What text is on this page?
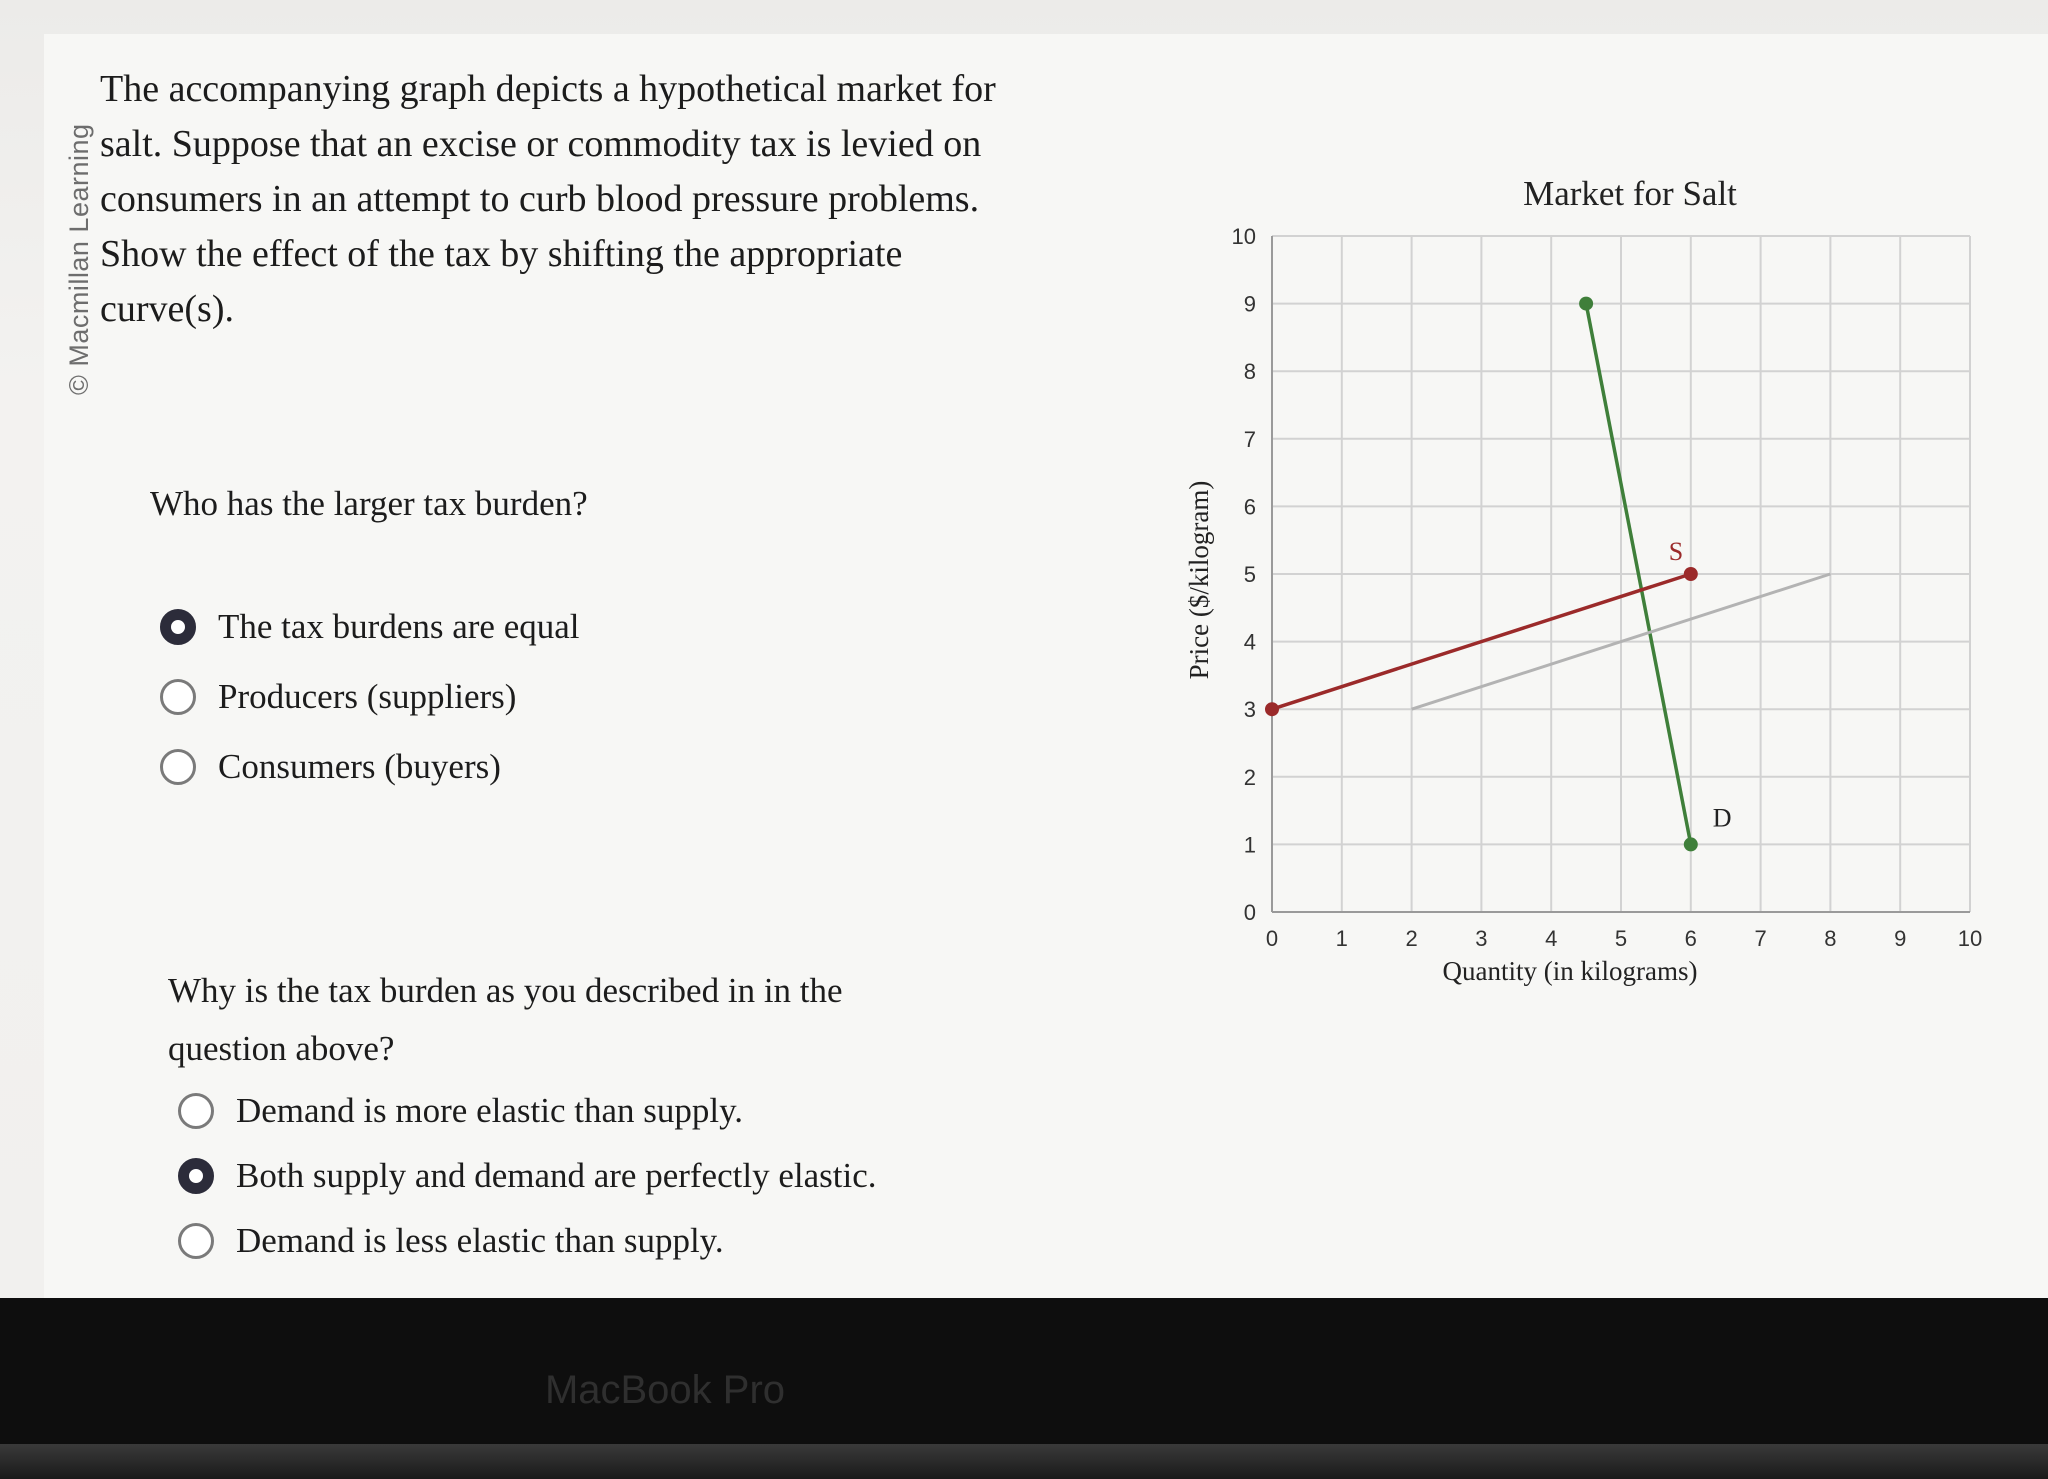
© Macmillan Learning

The accompanying graph depicts a hypothetical market for salt. Suppose that an excise or commodity tax is levied on consumers in an attempt to curb blood pressure problems. Show the effect of the tax by shifting the appropriate curve(s).

Who has the larger tax burden?

The tax burdens are equal
Producers (suppliers)
Consumers (buyers)

Why is the tax burden as you described in in the question above?

Demand is more elastic than supply.
Both supply and demand are perfectly elastic.
Demand is less elastic than supply.
Market for Salt
0	1	2	3	4	5	6	7	8	9 10
0
1
2
3
4
5
6
7
8
9
10
Quantity (in kilograms)
Price ($/kilogram)
D
S
MacBook Pro
